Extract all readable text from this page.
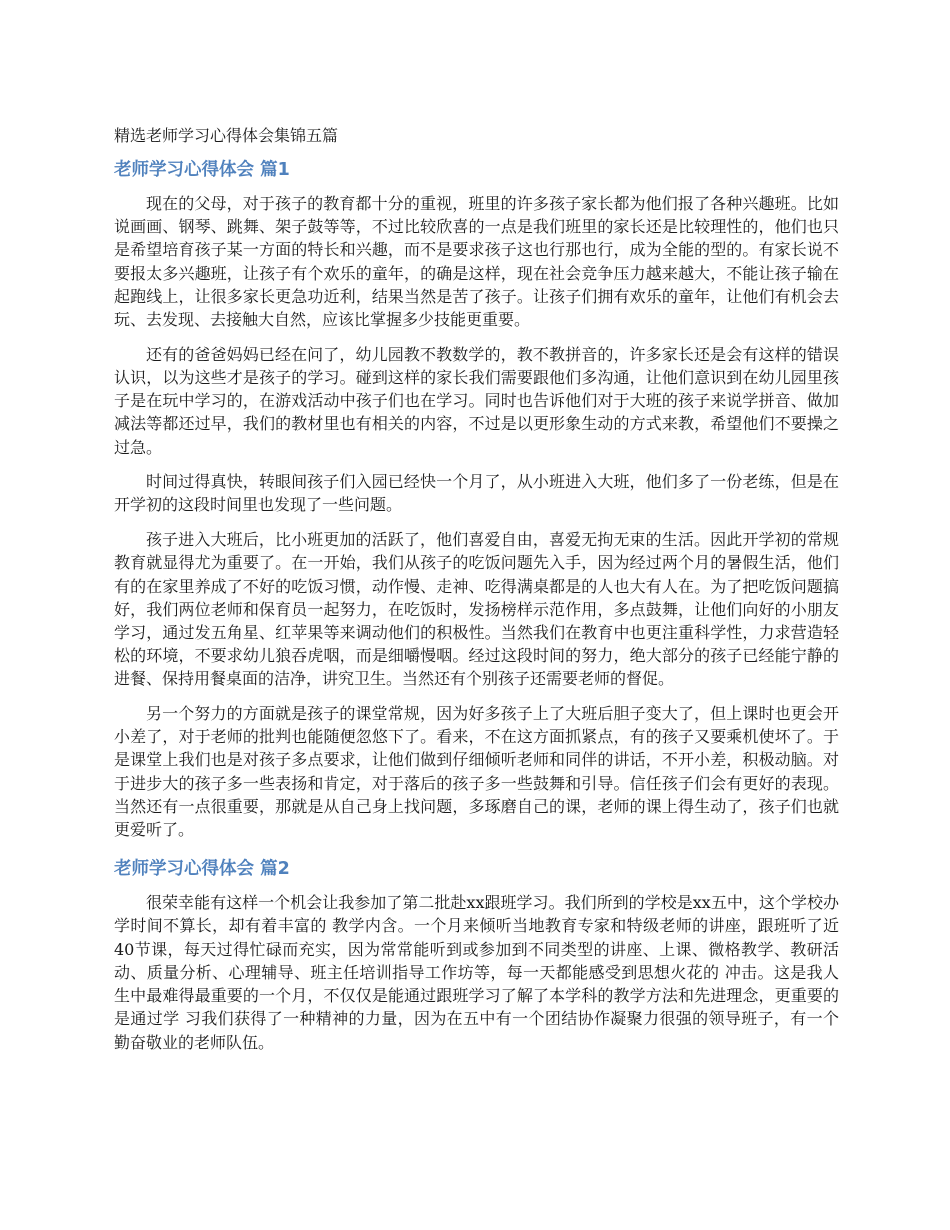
精选老师学习心得体会集锦五篇
老师学习心得体会 篇1

现在的父母，对于孩子的教育都十分的重视，班里的许多孩子家长都为他们报了各种兴趣班。比如说画画、钢琴、跳舞、架子鼓等等，不过比较欣喜的一点是我们班里的家长还是比较理性的，他们也只是希望培育孩子某一方面的特长和兴趣，而不是要求孩子这也行那也行，成为全能的型的。有家长说不要报太多兴趣班，让孩子有个欢乐的童年，的确是这样，现在社会竞争压力越来越大，不能让孩子输在起跑线上，让很多家长更急功近利，结果当然是苦了孩子。让孩子们拥有欢乐的童年，让他们有机会去玩、去发现、去接触大自然，应该比掌握多少技能更重要。

还有的爸爸妈妈已经在问了，幼儿园教不教数学的，教不教拼音的，许多家长还是会有这样的错误认识，以为这些才是孩子的学习。碰到这样的家长我们需要跟他们多沟通，让他们意识到在幼儿园里孩子是在玩中学习的，在游戏活动中孩子们也在学习。同时也告诉他们对于大班的孩子来说学拼音、做加减法等都还过早，我们的教材里也有相关的内容，不过是以更形象生动的方式来教，希望他们不要操之过急。

时间过得真快，转眼间孩子们入园已经快一个月了，从小班进入大班，他们多了一份老练，但是在开学初的这段时间里也发现了一些问题。

孩子进入大班后，比小班更加的活跃了，他们喜爱自由，喜爱无拘无束的生活。因此开学初的常规教育就显得尤为重要了。在一开始，我们从孩子的吃饭问题先入手，因为经过两个月的暑假生活，他们有的在家里养成了不好的吃饭习惯，动作慢、走神、吃得满桌都是的人也大有人在。为了把吃饭问题搞好，我们两位老师和保育员一起努力，在吃饭时，发扬榜样示范作用，多点鼓舞，让他们向好的小朋友学习，通过发五角星、红苹果等来调动他们的积极性。当然我们在教育中也更注重科学性，力求营造轻松的环境，不要求幼儿狼吞虎咽，而是细嚼慢咽。经过这段时间的努力，绝大部分的孩子已经能宁静的进餐、保持用餐桌面的洁净，讲究卫生。当然还有个别孩子还需要老师的督促。

另一个努力的方面就是孩子的课堂常规，因为好多孩子上了大班后胆子变大了，但上课时也更会开小差了，对于老师的批判也能随便忽悠下了。看来，不在这方面抓紧点，有的孩子又要乘机使坏了。于是课堂上我们也是对孩子多点要求，让他们做到仔细倾听老师和同伴的讲话，不开小差，积极动脑。对于进步大的孩子多一些表扬和肯定，对于落后的孩子多一些鼓舞和引导。信任孩子们会有更好的表现。当然还有一点很重要，那就是从自己身上找问题，多琢磨自己的课，老师的课上得生动了，孩子们也就更爱听了。

老师学习心得体会 篇2

很荣幸能有这样一个机会让我参加了第二批赴xx跟班学习。我们所到的学校是xx五中，这个学校办学时间不算长，却有着丰富的 教学内含。一个月来倾听当地教育专家和特级老师的讲座，跟班听了近40节课，每天过得忙碌而充实，因为常常能听到或参加到不同类型的讲座、上课、微格教学、教研活动、质量分析、心理辅导、班主任培训指导工作坊等，每一天都能感受到思想火花的 冲击。这是我人生中最难得最重要的一个月，不仅仅是能通过跟班学习了解了本学科的教学方法和先进理念，更重要的是通过学 习我们获得了一种精神的力量，因为在五中有一个团结协作凝聚力很强的领导班子，有一个勤奋敬业的老师队伍。
